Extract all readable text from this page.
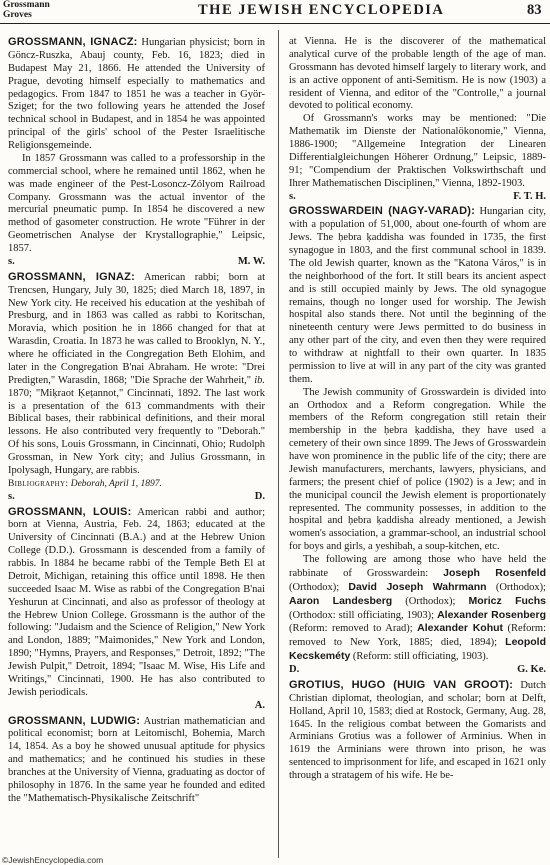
Grossmann
Groves	THE JEWISH ENCYCLOPEDIA	83

GROSSMANN, IGNACZ: Hungarian physicist; born in Göncz-Ruszka, Abauj county, Feb. 16, 1823; died in Budapest May 21, 1866. He attended the University of Prague, devoting himself especially to mathematics and pedagogics. From 1847 to 1851 he was a teacher in Györ-Sziget; for the two following years he attended the Josef technical school in Budapest, and in 1854 he was appointed principal of the girls' school of the Pester Israelitische Religionsgemeinde.

In 1857 Grossmann was called to a professorship in the commercial school, where he remained until 1862, when he was made engineer of the Pest-Losoncz-Zólyom Railroad Company. Grossmann was the actual inventor of the mercurial pneumatic pump. In 1854 he discovered a new method of gasometer construction. He wrote "Führer in der Geometrischen Analyse der Krystallographie," Leipsic, 1857.

s.	M. W.

GROSSMANN, IGNAZ: American rabbi; born at Trencsen, Hungary, July 30, 1825; died March 18, 1897, in New York city. He received his education at the yeshibah of Presburg, and in 1863 was called as rabbi to Koritschan, Moravia, which position he in 1866 changed for that at Warasdin, Croatia. In 1873 he was called to Brooklyn, N. Y., where he officiated in the Congregation Beth Elohim, and later in the Congregation B'nai Abraham. He wrote: "Drei Predigten," Warasdin, 1868; "Die Sprache der Wahrheit," ib. 1870; "Miḳraot Ḳeṭannot," Cincinnati, 1892. The last work is a presentation of the 613 commandments with their Biblical bases, their rabbinical definitions, and their moral lessons. He also contributed very frequently to "Deborah." Of his sons, Louis Grossmann, in Cincinnati, Ohio; Rudolph Grossman, in New York city; and Julius Grossmann, in Ipolysagh, Hungary, are rabbis.

Bibliography: Deborah, April 1, 1897.

s.	D.

GROSSMANN, LOUIS: American rabbi and author; born at Vienna, Austria, Feb. 24, 1863; educated at the University of Cincinnati (B.A.) and at the Hebrew Union College (D.D.). Grossmann is descended from a family of rabbis. In 1884 he became rabbi of the Temple Beth El at Detroit, Michigan, retaining this office until 1898. He then succeeded Isaac M. Wise as rabbi of the Congregation B'nai Yeshurun at Cincinnati, and also as professor of theology at the Hebrew Union College. Grossmann is the author of the following: "Judaism and the Science of Religion," New York and London, 1889; "Maimonides," New York and London, 1890; "Hymns, Prayers, and Responses," Detroit, 1892; "The Jewish Pulpit," Detroit, 1894; "Isaac M. Wise, His Life and Writings," Cincinnati, 1900. He has also contributed to Jewish periodicals.

A.

GROSSMANN, LUDWIG: Austrian mathematician and political economist; born at Leitomischl, Bohemia, March 14, 1854. As a boy he showed unusual aptitude for physics and mathematics; and he continued his studies in these branches at the University of Vienna, graduating as doctor of philosophy in 1876. In the same year he founded and edited the "Mathematisch-Physikalische Zeitschrift"

at Vienna. He is the discoverer of the mathematical analytical curve of the probable length of the age of man. Grossmann has devoted himself largely to literary work, and is an active opponent of anti-Semitism. He is now (1903) a resident of Vienna, and editor of the "Controlle," a journal devoted to political economy.

Of Grossmann's works may be mentioned: "Die Mathematik im Dienste der Nationalökonomie," Vienna, 1886-1900; "Allgemeine Integration der Linearen Differentialgleichungen Höherer Ordnung," Leipsic, 1889-91; "Compendium der Praktischen Volkswirthschaft und Ihrer Mathematischen Disciplinen," Vienna, 1892-1903.

s.	F. T. H.

GROSSWARDEIN (NAGY-VARAD): Hungarian city, with a population of 51,000, about one-fourth of whom are Jews. The ḥebra ḳaddisha was founded in 1735, the first synagogue in 1803, and the first communal school in 1839. The old Jewish quarter, known as the "Katona Város," is in the neighborhood of the fort. It still bears its ancient aspect and is still occupied mainly by Jews. The old synagogue remains, though no longer used for worship. The Jewish hospital also stands there. Not until the beginning of the nineteenth century were Jews permitted to do business in any other part of the city, and even then they were required to withdraw at nightfall to their own quarter. In 1835 permission to live at will in any part of the city was granted them.

The Jewish community of Grosswardein is divided into an Orthodox and a Reform congregation. While the members of the Reform congregation still retain their membership in the ḥebra ḳaddisha, they have used a cemetery of their own since 1899. The Jews of Grosswardein have won prominence in the public life of the city; there are Jewish manufacturers, merchants, lawyers, physicians, and farmers; the present chief of police (1902) is a Jew; and in the municipal council the Jewish element is proportionately represented. The community possesses, in addition to the hospital and ḥebra ḳaddisha already mentioned, a Jewish women's association, a grammar-school, an industrial school for boys and girls, a yeshibah, a soup-kitchen, etc.

The following are among those who have held the rabbinate of Grosswardein: Joseph Rosenfeld (Orthodox); David Joseph Wahrmann (Orthodox); Aaron Landesberg (Orthodox); Moricz Fuchs (Orthodox: still officiating, 1903); Alexander Rosenberg (Reform: removed to Arad); Alexander Kohut (Reform: removed to New York, 1885; died, 1894); Leopold Kecskeméty (Reform: still officiating, 1903).

D.	G. Ke.

GROTIUS, HUGO (HUIG VAN GROOT): Dutch Christian diplomat, theologian, and scholar; born at Delft, Holland, April 10, 1583; died at Rostock, Germany, Aug. 28, 1645. In the religious combat between the Gomarists and Arminians Grotius was a follower of Arminius. When in 1619 the Arminians were thrown into prison, he was sentenced to imprisonment for life, and escaped in 1621 only through a stratagem of his wife. He be-

©JewishEncyclopedia.com
